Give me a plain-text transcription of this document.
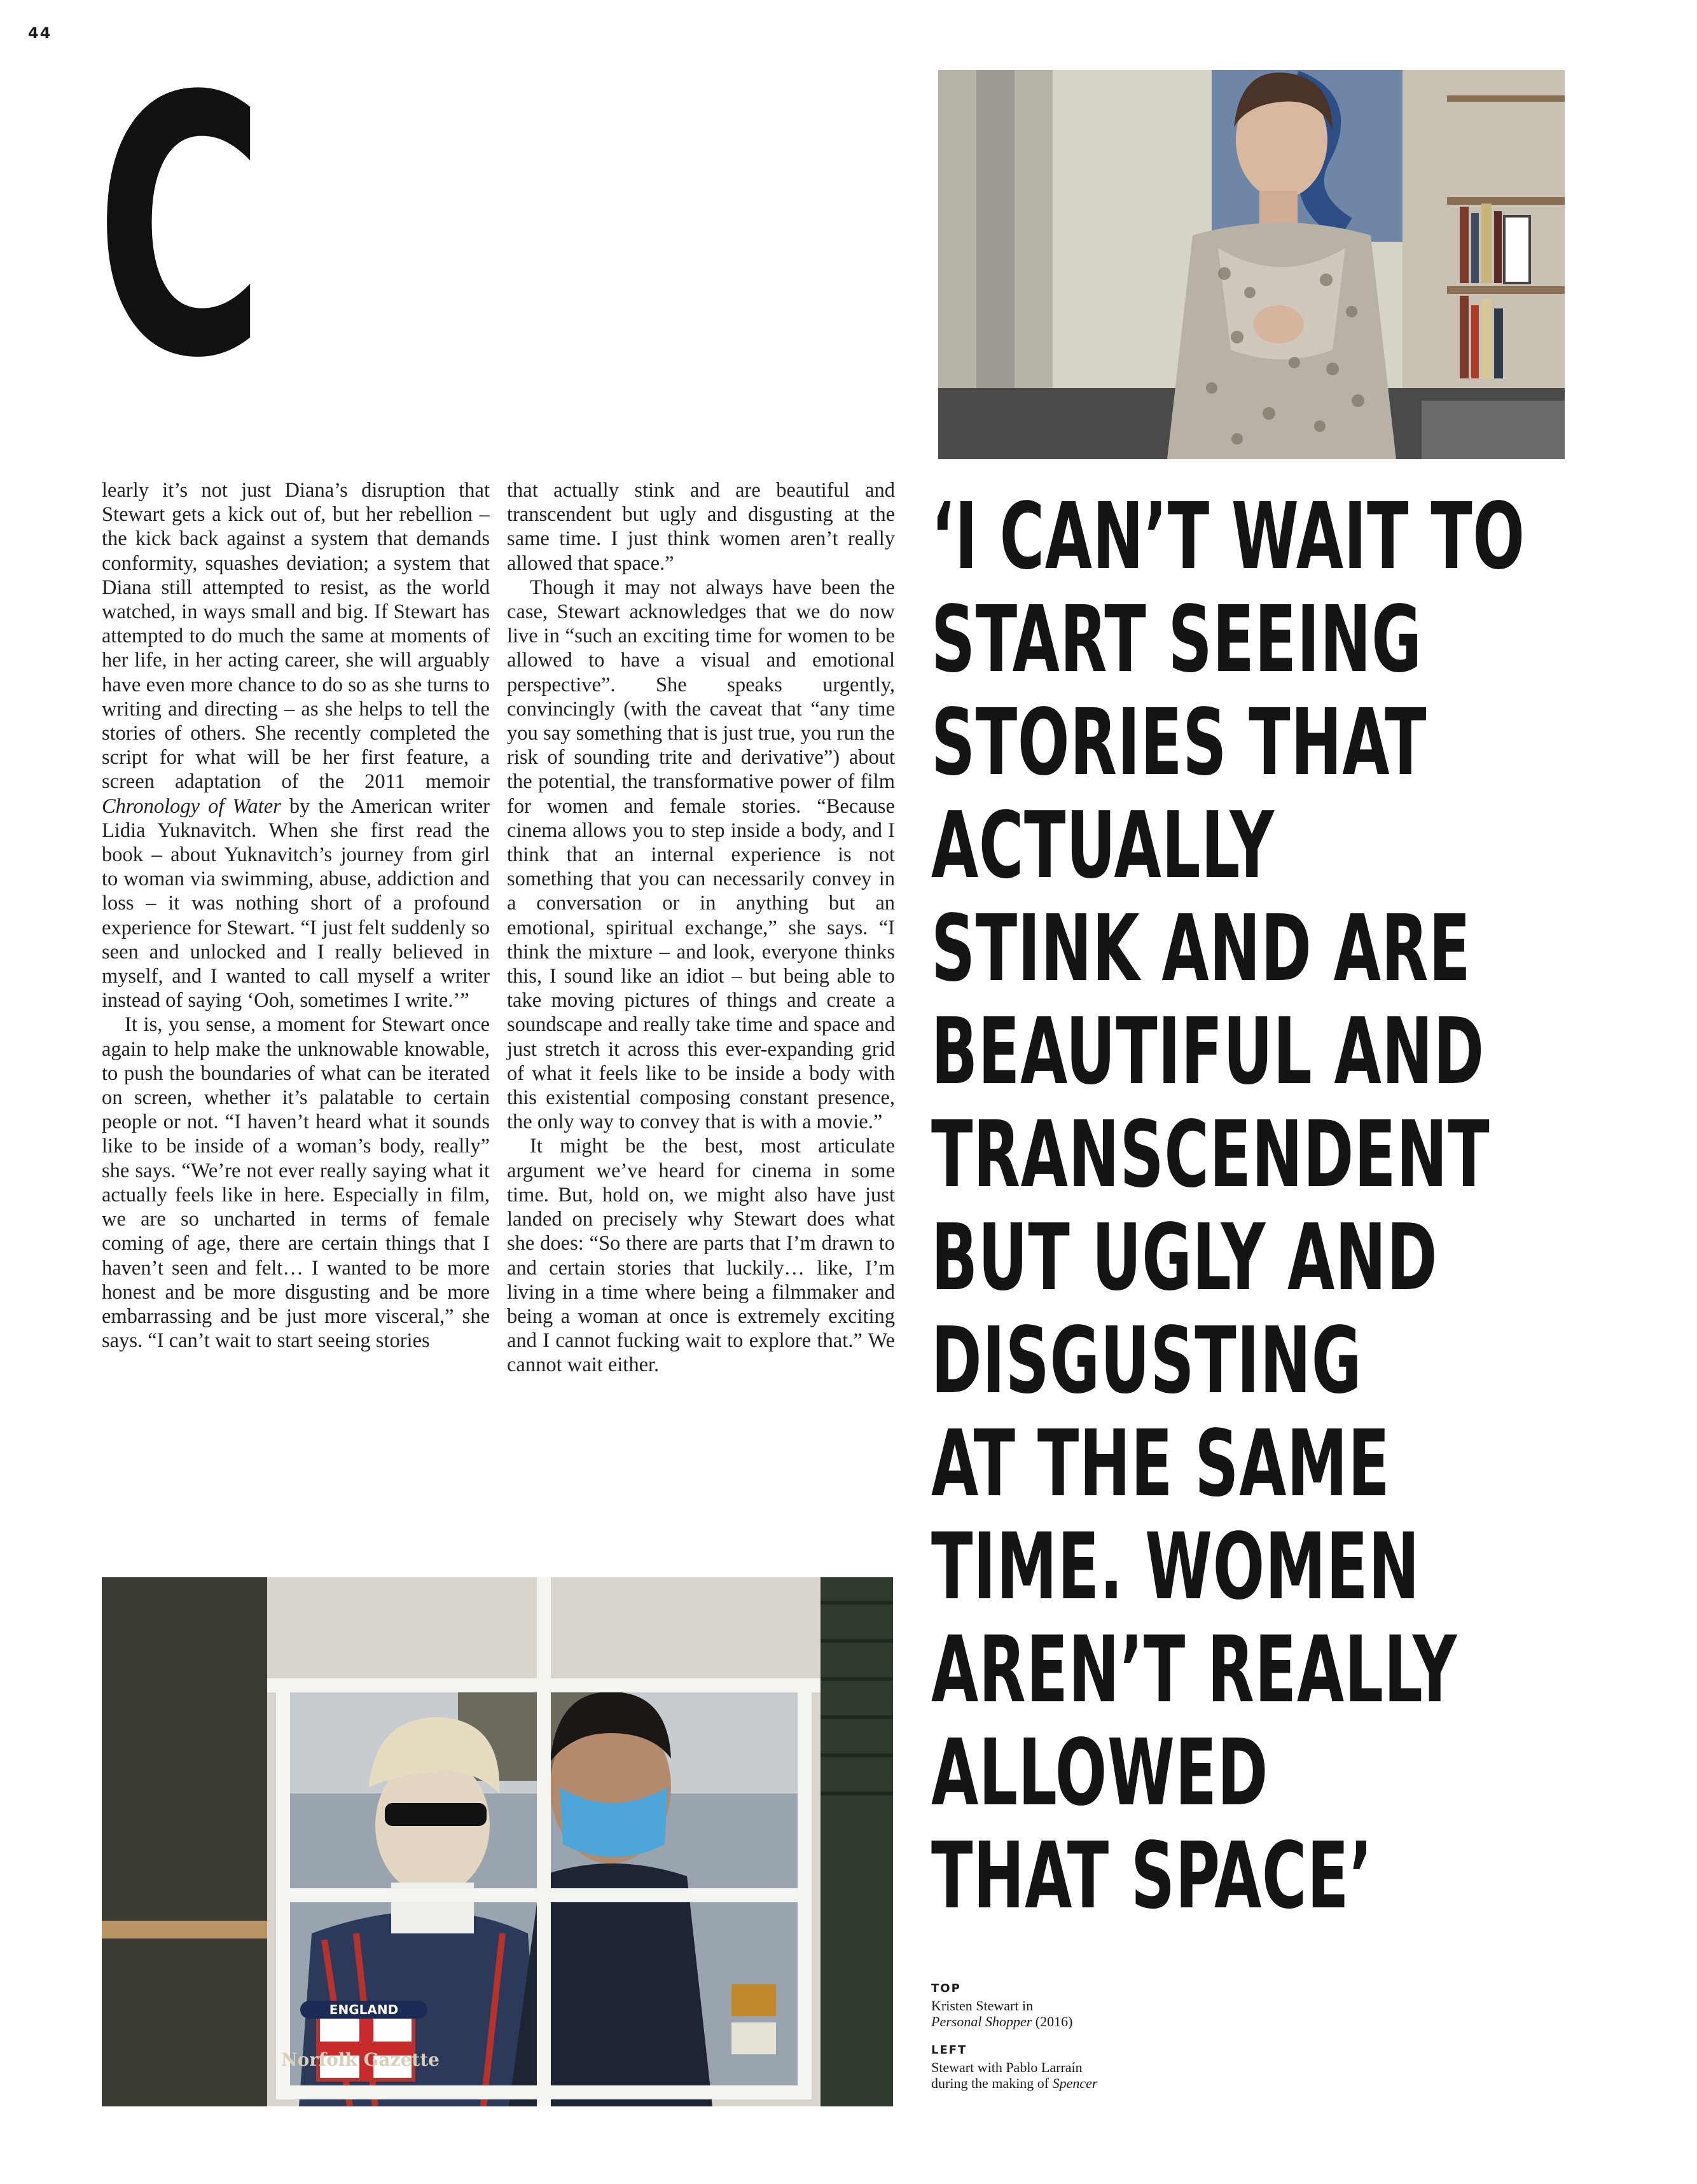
44 C

learly it’s not just Diana’s disruption that Stewart gets a kick out of, but her rebellion – the kick back against a system that demands conformity, squashes deviation; a system that Diana still attempted to resist, as the world watched, in ways small and big. If Stewart has attempted to do much the same at moments of her life, in her acting career, she will arguably have even more chance to do so as she turns to writing and directing – as she helps to tell the stories of others. She recently completed the script for what will be her first feature, a screen adaptation of the 2011 memoir Chronology of Water by the American writer Lidia Yuknavitch. When she first read the book – about Yuknavitch’s journey from girl to woman via swimming, abuse, addiction and loss – it was nothing short of a profound experience for Stewart. “I just felt suddenly so seen and unlocked and I really believed in myself, and I wanted to call myself a writer instead of saying ‘Ooh, sometimes I write.’”

It is, you sense, a moment for Stewart once again to help make the unknowable knowable, to push the boundaries of what can be iterated on screen, whether it’s palatable to certain people or not. “I haven’t heard what it sounds like to be inside of a woman’s body, really” she says. “We’re not ever really saying what it actually feels like in here. Especially in film, we are so uncharted in terms of female coming of age, there are certain things that I haven’t seen and felt… I wanted to be more honest and be more disgusting and be more embarrassing and be just more visceral,” she says. “I can’t wait to start seeing stories

that actually stink and are beautiful and transcendent but ugly and disgusting at the same time. I just think women aren’t really allowed that space.”

Though it may not always have been the case, Stewart acknowledges that we do now live in “such an exciting time for women to be allowed to have a visual and emotional perspective”. She speaks urgently, convincingly (with the caveat that “any time you say something that is just true, you run the risk of sounding trite and derivative”) about the potential, the transformative power of film for women and female stories. “Because cinema allows you to step inside a body, and I think that an internal experience is not something that you can necessarily convey in a conversation or in anything but an emotional, spiritual exchange,” she says. “I think the mixture – and look, everyone thinks this, I sound like an idiot – but being able to take moving pictures of things and create a soundscape and really take time and space and just stretch it across this ever-expanding grid of what it feels like to be inside a body with this existential composing constant presence, the only way to convey that is with a movie.”

It might be the best, most articulate argument we’ve heard for cinema in some time. But, hold on, we might also have just landed on precisely why Stewart does what she does: “So there are parts that I’m drawn to and certain stories that luckily… like, I’m living in a time where being a filmmaker and being a woman at once is extremely exciting and I cannot fucking wait to explore that.” We cannot wait either.

‘I CAN’T WAIT TO
START SEEING
STORIES THAT
ACTUALLY
STINK AND ARE
BEAUTIFUL AND
TRANSCENDENT
BUT UGLY AND
DISGUSTING
AT THE SAME
TIME. WOMEN
AREN’T REALLY
ALLOWED
THAT SPACE’
ENGLAND
Norfolk Gazette
TOP
Kristen Stewart in
Personal Shopper (2016)
LEFT
Stewart with Pablo Larraín
during the making of Spencer
